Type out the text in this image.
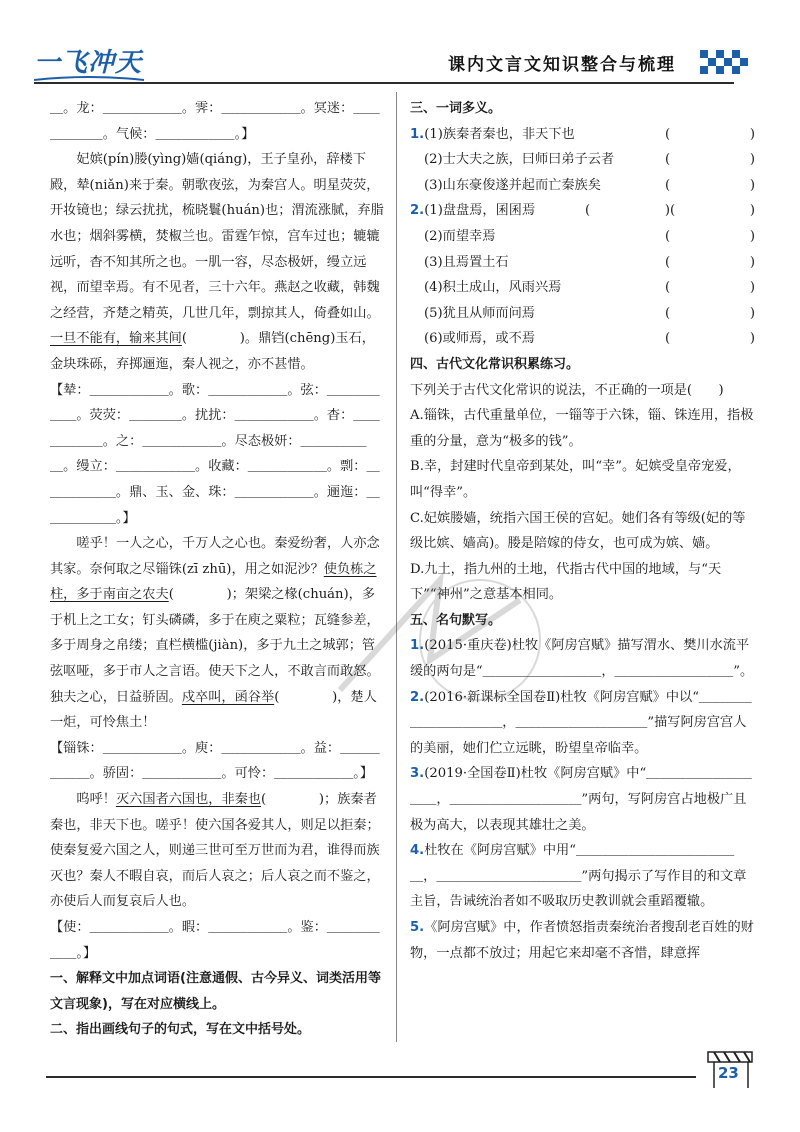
一飞冲天	课内文言文知识整合与梳理

＿。龙：＿＿＿＿＿＿。霁：＿＿＿＿＿＿。冥迷：＿＿＿＿＿＿。气候：＿＿＿＿＿＿。】

妃嫔(pín)媵(yìng)嫱(qiáng)，王子皇孙，辞楼下殿，辇(niǎn)来于秦。朝歌夜弦，为秦宫人。明星荧荧，开妆镜也；绿云扰扰，梳晓鬟(huán)也；渭流涨腻，弃脂水也；烟斜雾横，焚椒兰也。雷霆乍惊，宫车过也；辘辘远听，杳不知其所之也。一肌一容，尽态极妍，缦立远视，而望幸焉。有不见者，三十六年。燕赵之收藏，韩魏之经营，齐楚之精英，几世几年，剽掠其人，倚叠如山。一旦不能有，输来其间(　　　　)。鼎铛(chēng)玉石，金块珠砾，弃掷逦迤，秦人视之，亦不甚惜。

【辇：＿＿＿＿＿＿。歌：＿＿＿＿＿＿。弦：＿＿＿＿＿＿。荧荧：＿＿＿＿。扰扰：＿＿＿＿＿＿。杳：＿＿＿＿＿＿。之：＿＿＿＿＿＿。尽态极妍：＿＿＿＿＿＿。缦立：＿＿＿＿＿＿。收藏：＿＿＿＿＿＿。剽：＿＿＿＿＿＿。鼎、玉、金、珠：＿＿＿＿＿＿。逦迤：＿＿＿＿＿＿。】

嗟乎！一人之心，千万人之心也。秦爱纷奢，人亦念其家。奈何取之尽锱铢(zī zhū)，用之如泥沙？使负栋之柱，多于南亩之农夫(　　　　)；架梁之椽(chuán)，多于机上之工女；钉头磷磷，多于在庾之粟粒；瓦缝参差，多于周身之帛缕；直栏横槛(jiàn)，多于九土之城郭；管弦呕哑，多于市人之言语。使天下之人，不敢言而敢怒。独夫之心，日益骄固。戍卒叫，函谷举(　　　　)，楚人一炬，可怜焦土！

【锱铢：＿＿＿＿＿＿。庾：＿＿＿＿＿＿。益：＿＿＿＿＿＿。骄固：＿＿＿＿＿＿。可怜：＿＿＿＿＿＿。】

呜呼！灭六国者六国也，非秦也(　　　　)；族秦者秦也，非天下也。嗟乎！使六国各爱其人，则足以拒秦；使秦复爱六国之人，则递三世可至万世而为君，谁得而族灭也？秦人不暇自哀，而后人哀之；后人哀之而不鉴之，亦使后人而复哀后人也。

【使：＿＿＿＿＿＿。暇：＿＿＿＿＿＿。鉴：＿＿＿＿＿＿。】

一、解释文中加点词语(注意通假、古今异义、词类活用等文言现象)，写在对应横线上。

二、指出画线句子的句式，写在文中括号处。

三、一词多义。

1.(1)族秦者秦也，非天下也	(	)
(2)士大夫之族，曰师曰弟子云者	(	)
(3)山东豪俊遂并起而亡秦族矣	(	)
2.(1)盘盘焉，囷囷焉	(	)(	)
(2)而望幸焉	(	)
(3)且焉置土石	(	)
(4)积土成山，风雨兴焉	(	)
(5)犹且从师而问焉	(	)
(6)或师焉，或不焉	(	)

四、古代文化常识积累练习。

下列关于古代文化常识的说法，不正确的一项是(　　)

A.锱铢，古代重量单位，一锱等于六铢，锱、铢连用，指极重的分量，意为“极多的钱”。

B.幸，封建时代皇帝到某处，叫“幸”。妃嫔受皇帝宠爱，叫“得幸”。

C.妃嫔媵嫱，统指六国王侯的宫妃。她们各有等级(妃的等级比嫔、嫱高)。媵是陪嫁的侍女，也可成为嫔、嫱。

D.九土，指九州的土地，代指古代中国的地域，与“天下”“神州”之意基本相同。

五、名句默写。

1.(2015·重庆卷)杜牧《阿房宫赋》描写渭水、樊川水流平缓的两句是“＿＿＿＿＿＿＿＿＿，＿＿＿＿＿＿＿＿＿”。

2.(2016·新课标全国卷Ⅱ)杜牧《阿房宫赋》中以“＿＿＿＿＿＿＿＿＿＿＿，＿＿＿＿＿＿＿＿＿＿”描写阿房宫宫人的美丽，她们伫立远眺，盼望皇帝临幸。

3.(2019·全国卷Ⅱ)杜牧《阿房宫赋》中“＿＿＿＿＿＿＿＿＿＿，＿＿＿＿＿＿＿＿＿＿”两句，写阿房宫占地极广且极为高大，以表现其雄壮之美。

4.杜牧在《阿房宫赋》中用“＿＿＿＿＿＿＿＿＿＿＿＿＿，＿＿＿＿＿＿＿＿＿＿＿”两句揭示了写作目的和文章主旨，告诫统治者如不吸取历史教训就会重蹈覆辙。

5.《阿房宫赋》中，作者愤怒指责秦统治者搜刮老百姓的财物，一点都不放过；用起它来却毫不吝惜，肆意挥

23
